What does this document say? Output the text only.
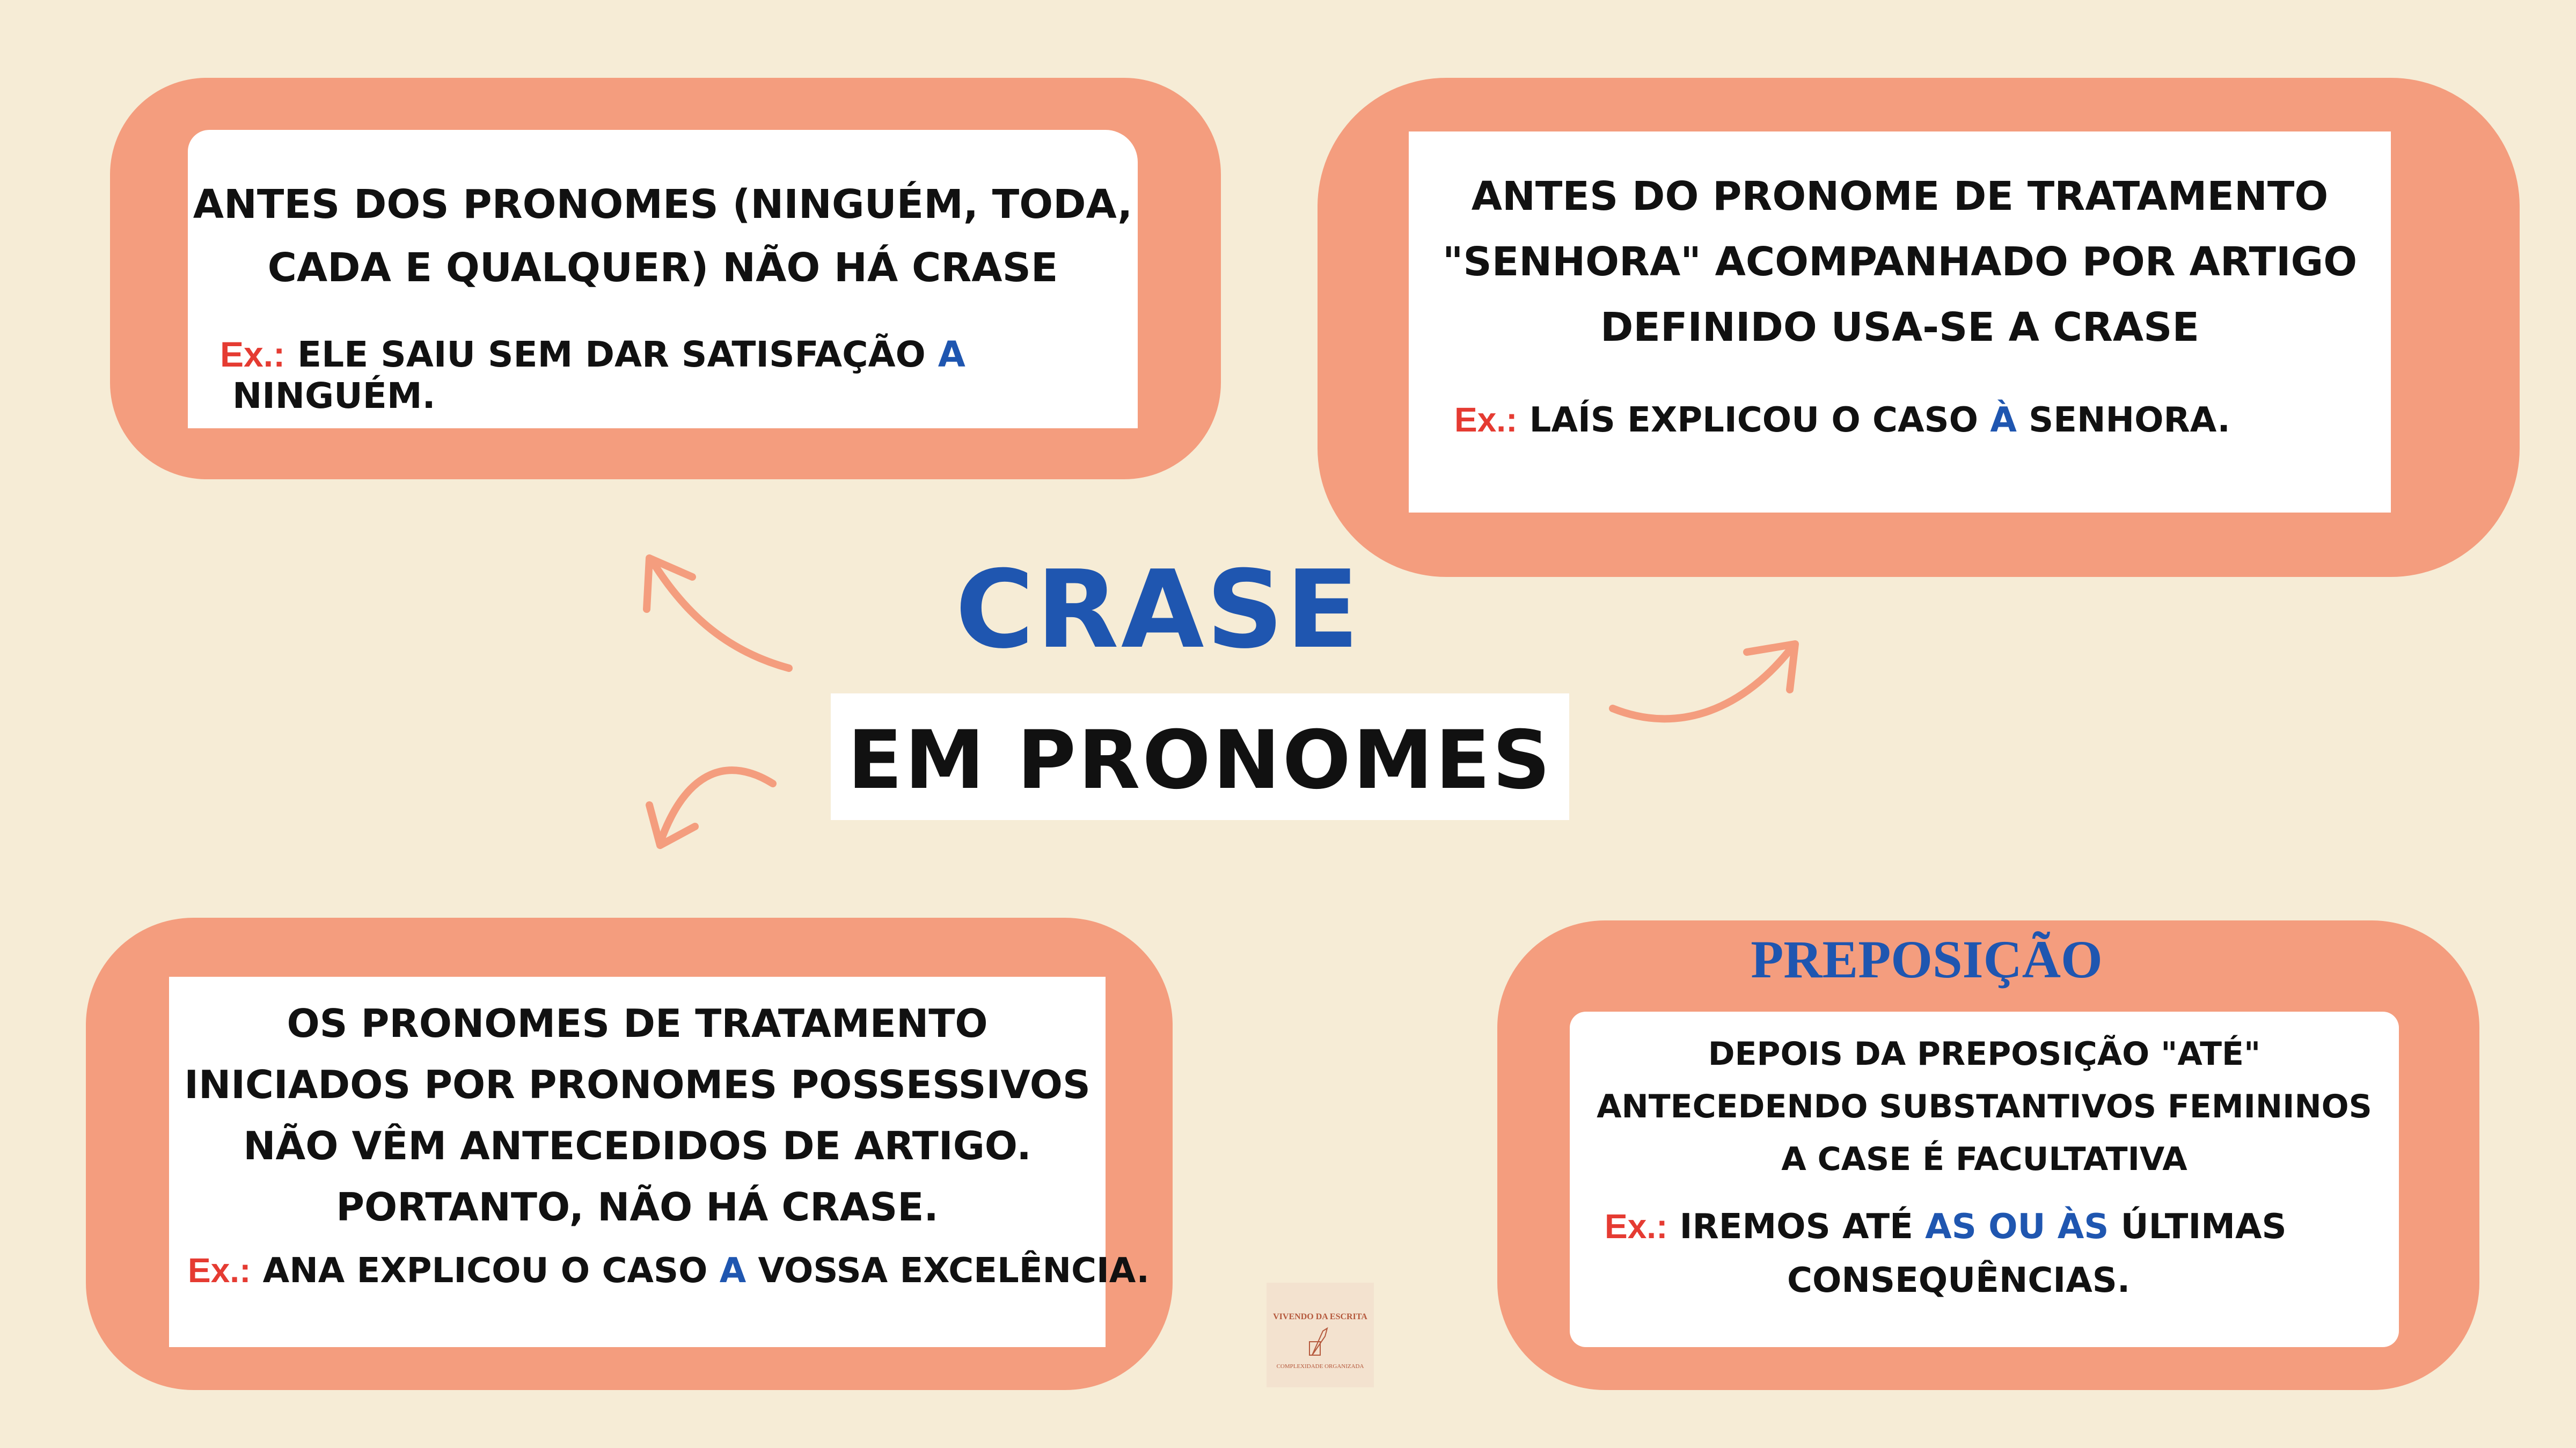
ANTES DOS PRONOMES (NINGUÉM, TODA,
CADA E QUALQUER) NÃO HÁ CRASE
Ex.: ELE SAIU SEM DAR SATISFAÇÃO A NINGUÉM.
ANTES DO PRONOME DE TRATAMENTO
"SENHORA" ACOMPANHADO POR ARTIGO
DEFINIDO USA-SE A CRASE
Ex.: LAÍS EXPLICOU O CASO À SENHORA.
CRASE
EM PRONOMES
OS PRONOMES DE TRATAMENTO
INICIADOS POR PRONOMES POSSESSIVOS
NÃO VÊM ANTECEDIDOS DE ARTIGO.
PORTANTO, NÃO HÁ CRASE.
Ex.: ANA EXPLICOU O CASO A VOSSA EXCELÊNCIA.
PREPOSIÇÃO
DEPOIS DA PREPOSIÇÃO "ATÉ"
ANTECEDENDO SUBSTANTIVOS FEMININOS
A CASE É FACULTATIVA
Ex.: IREMOS ATÉ AS OU ÀS ÚLTIMAS
CONSEQUÊNCIAS.
VIVENDO DA ESCRITA
COMPLEXIDADE ORGANIZADA
